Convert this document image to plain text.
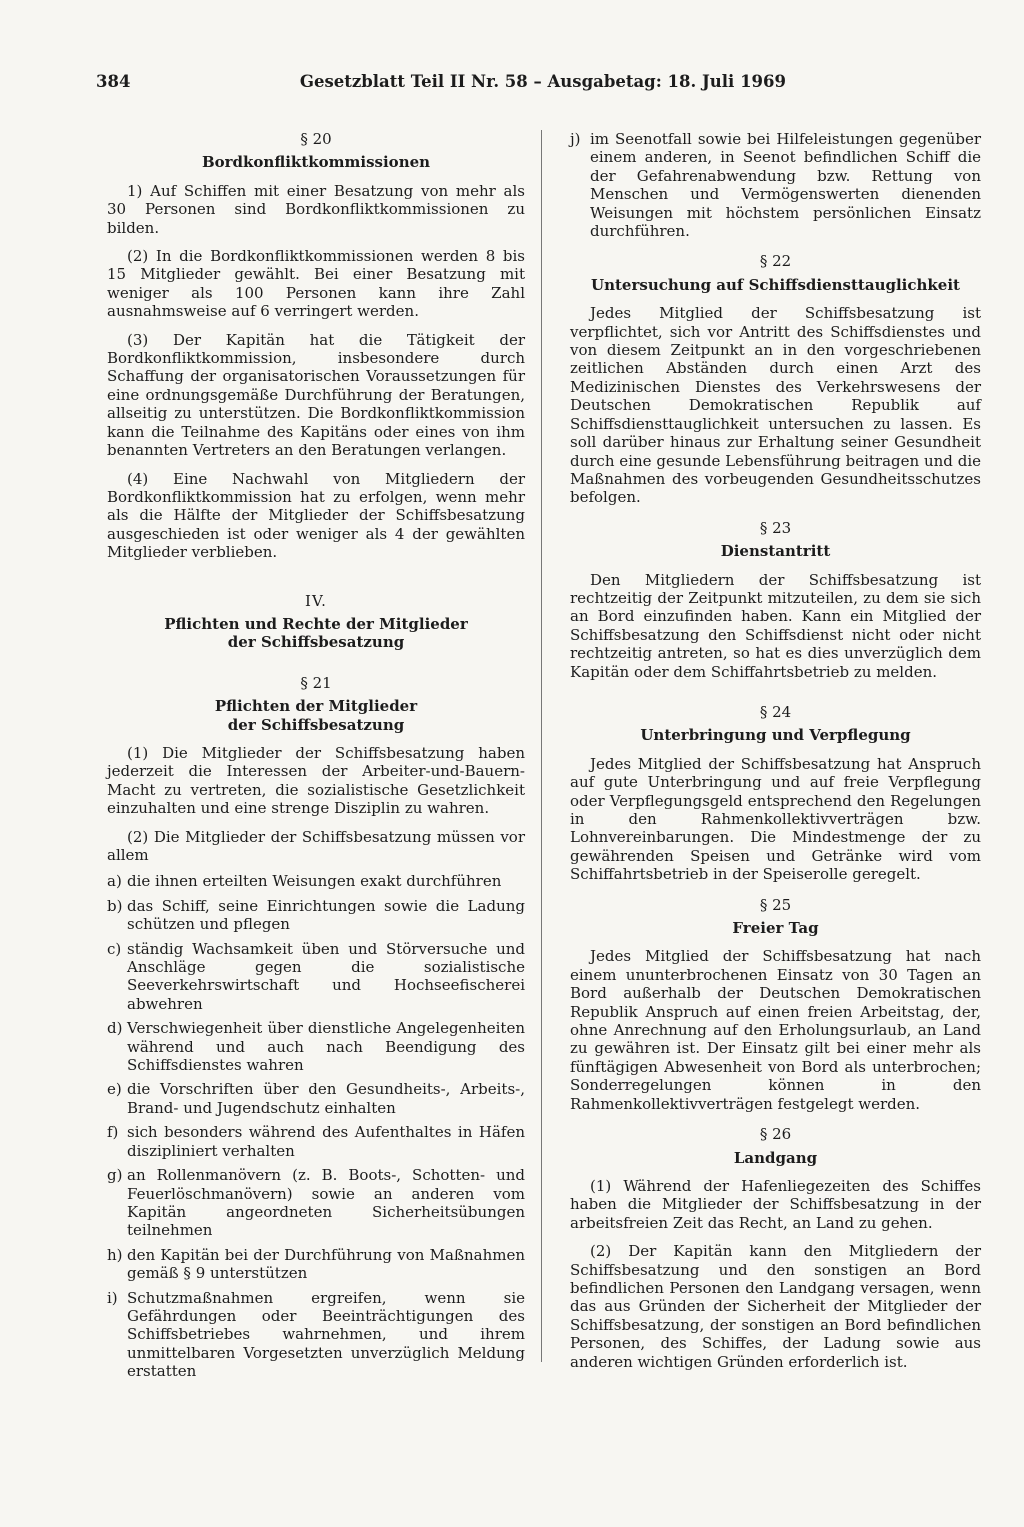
384	Gesetzblatt Teil II Nr. 58 – Ausgabetag: 18. Juli 1969
§ 20
Bordkonfliktkommissionen

1) Auf Schiffen mit einer Besatzung von mehr als 30 Personen sind Bordkonfliktkommissionen zu bilden.

(2) In die Bordkonfliktkommissionen werden 8 bis 15 Mitglieder gewählt. Bei einer Besatzung mit weniger als 100 Personen kann ihre Zahl ausnahmsweise auf 6 verringert werden.

(3) Der Kapitän hat die Tätigkeit der Bordkonfliktkommission, insbesondere durch Schaffung der organisatorischen Voraussetzungen für eine ordnungsgemäße Durchführung der Beratungen, allseitig zu unterstützen. Die Bordkonfliktkommission kann die Teilnahme des Kapitäns oder eines von ihm benannten Vertreters an den Beratungen verlangen.

(4) Eine Nachwahl von Mitgliedern der Bordkonfliktkommission hat zu erfolgen, wenn mehr als die Hälfte der Mitglieder der Schiffsbesatzung ausgeschieden ist oder weniger als 4 der gewählten Mitglieder verblieben.

IV.
Pflichten und Rechte der Mitglieder
der Schiffsbesatzung
§ 21
Pflichten der Mitglieder
der Schiffsbesatzung

(1) Die Mitglieder der Schiffsbesatzung haben jederzeit die Interessen der Arbeiter-und-Bauern-Macht zu vertreten, die sozialistische Gesetzlichkeit einzuhalten und eine strenge Disziplin zu wahren.

(2) Die Mitglieder der Schiffsbesatzung müssen vor allem

a) die ihnen erteilten Weisungen exakt durchführen
b) das Schiff, seine Einrichtungen sowie die Ladung schützen und pflegen
c) ständig Wachsamkeit üben und Störversuche und Anschläge gegen die sozialistische Seeverkehrswirtschaft und Hochseefischerei abwehren
d) Verschwiegenheit über dienstliche Angelegenheiten während und auch nach Beendigung des Schiffsdienstes wahren
e) die Vorschriften über den Gesundheits-, Arbeits-, Brand- und Jugendschutz einhalten
f) sich besonders während des Aufenthaltes in Häfen diszipliniert verhalten
g) an Rollenmanövern (z. B. Boots-, Schotten- und Feuerlöschmanövern) sowie an anderen vom Kapitän angeordneten Sicherheitsübungen teilnehmen
h) den Kapitän bei der Durchführung von Maßnahmen gemäß § 9 unterstützen
i) Schutzmaßnahmen ergreifen, wenn sie Gefährdungen oder Beeinträchtigungen des Schiffsbetriebes wahrnehmen, und ihrem unmittelbaren Vorgesetzten unverzüglich Meldung erstatten
j) im Seenotfall sowie bei Hilfeleistungen gegenüber einem anderen, in Seenot befindlichen Schiff die der Gefahrenabwendung bzw. Rettung von Menschen und Vermögenswerten dienenden Weisungen mit höchstem persönlichen Einsatz durchführen.
§ 22
Untersuchung auf Schiffsdiensttauglichkeit

Jedes Mitglied der Schiffsbesatzung ist verpflichtet, sich vor Antritt des Schiffsdienstes und von diesem Zeitpunkt an in den vorgeschriebenen zeitlichen Abständen durch einen Arzt des Medizinischen Dienstes des Verkehrswesens der Deutschen Demokratischen Republik auf Schiffsdiensttauglichkeit untersuchen zu lassen. Es soll darüber hinaus zur Erhaltung seiner Gesundheit durch eine gesunde Lebensführung beitragen und die Maßnahmen des vorbeugenden Gesundheitsschutzes befolgen.

§ 23
Dienstantritt

Den Mitgliedern der Schiffsbesatzung ist rechtzeitig der Zeitpunkt mitzuteilen, zu dem sie sich an Bord einzufinden haben. Kann ein Mitglied der Schiffsbesatzung den Schiffsdienst nicht oder nicht rechtzeitig antreten, so hat es dies unverzüglich dem Kapitän oder dem Schiffahrtsbetrieb zu melden.

§ 24
Unterbringung und Verpflegung

Jedes Mitglied der Schiffsbesatzung hat Anspruch auf gute Unterbringung und auf freie Verpflegung oder Verpflegungsgeld entsprechend den Regelungen in den Rahmenkollektivverträgen bzw. Lohnvereinbarungen. Die Mindestmenge der zu gewährenden Speisen und Getränke wird vom Schiffahrtsbetrieb in der Speiserolle geregelt.

§ 25
Freier Tag

Jedes Mitglied der Schiffsbesatzung hat nach einem ununterbrochenen Einsatz von 30 Tagen an Bord außerhalb der Deutschen Demokratischen Republik Anspruch auf einen freien Arbeitstag, der, ohne Anrechnung auf den Erholungsurlaub, an Land zu gewähren ist. Der Einsatz gilt bei einer mehr als fünftägigen Abwesenheit von Bord als unterbrochen; Sonderregelungen können in den Rahmenkollektivverträgen festgelegt werden.

§ 26
Landgang

(1) Während der Hafenliegezeiten des Schiffes haben die Mitglieder der Schiffsbesatzung in der arbeitsfreien Zeit das Recht, an Land zu gehen.

(2) Der Kapitän kann den Mitgliedern der Schiffsbesatzung und den sonstigen an Bord befindlichen Personen den Landgang versagen, wenn das aus Gründen der Sicherheit der Mitglieder der Schiffsbesatzung, der sonstigen an Bord befindlichen Personen, des Schiffes, der Ladung sowie aus anderen wichtigen Gründen erforderlich ist.
